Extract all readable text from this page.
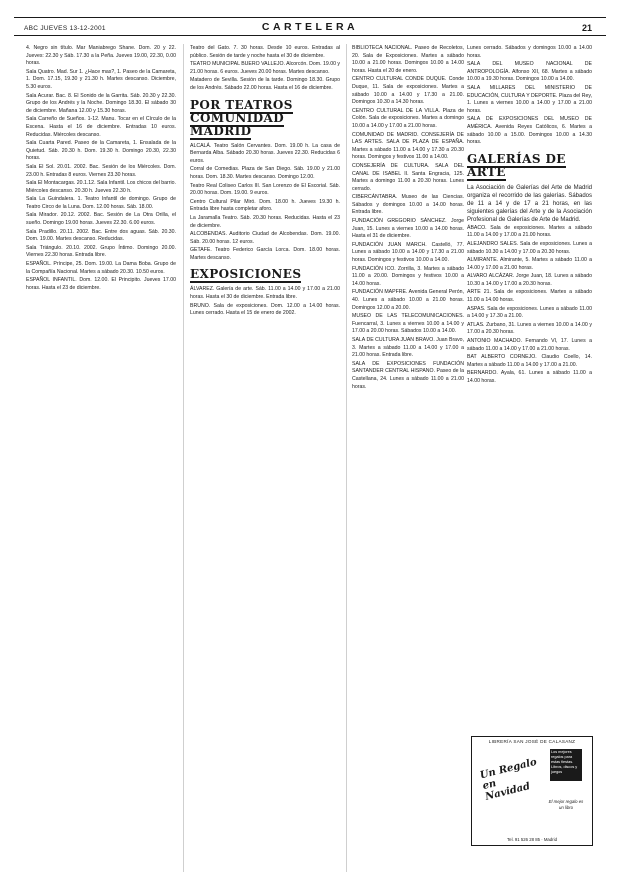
ABC JUEVES 13-12-2001	CARTELERA	21

4. Negro sin título. Mar Maniabrego Shane. Dom. 20 y 22. Jueves: 22.30 y Sáb. 17.30 a la Peña. Jueves 19.00, 22.30, 0.00 horas.

Sala Quatro. Mad. Sur 1. ¿Hace mas?, 1. Paseo de la Camareta, 1. Dom. 17.15, 19.30 y 21.30 h. Martes descanso. Diciembre, 5.30 euros.

Sala Acurar. Bac. 8. El Sonido de la Garrita. Sáb. 20.30 y 22.30. Grupo de los Andrés y la Noche. Domingo 18.30. El sábado 30 de diciembre. Mañana 12.00 y 15.30 horas.

Sala Carreño de Sueños. 1-12. Manu. Tocar en el Círculo de la Escena. Hasta el 16 de diciembre. Entradas 10 euros. Reducidas. Miércoles descanso.

Sala Cuarta Pared. Paseo de la Camareta, 1. Ensalada de la Quietud. Sáb. 20.30 h. Dom. 19.30 h. Domingo 20.30, 22.30 horas.

Sala El Sol. 20.01. 2002. Bac. Sesión de los Miércoles. Dom. 23.00 h. Entradas 8 euros. Viernes 23.30 horas.

Sala El Montacargas. 20.1.12. Sala Infantil. Los chicos del barrio. Miércoles descanso. 20.30 h. Jueves 22.30 h.

Sala La Guindalera. 1. Teatro Infantil de domingo. Grupo de Teatro Circo de la Luna. Dom. 12.00 horas. Sáb. 18.00.

Sala Mirador. 20.12. 2002. Bac. Sesión de La Otra Orilla, el sueño. Domingo 19.00 horas. Jueves 22.30. 6.00 euros.

Sala Pradillo. 20.11. 2002. Bac. Entre dos aguas. Sáb. 20.30. Dom. 19.00. Martes descanso. Reducidas.

Sala Triángulo. 20.10. 2002. Grupo Íntimo. Domingo 20.00. Viernes 22.30 horas. Entrada libre.

ESPAÑOL. Príncipe, 25. Dom. 19.00. La Dama Boba. Grupo de la Compañía Nacional. Martes a sábado 20.30. 10.50 euros.

ESPAÑOL INFANTIL. Dom. 12.00. El Principito. Jueves 17.00 horas. Hasta el 23 de diciembre.

Teatro del Gato. 7. 30 horas. Desde 10 euros. Entradas al público. Sesión de tarde y noche hasta el 30 de diciembre.

TEATRO MUNICIPAL BUERO VALLEJO. Alcorcón. Dom. 19.00 y 21.00 horas. 6 euros. Jueves 20.00 horas. Martes descanso.

Matadero de Sevilla. Sesión de la tarde. Domingo 18.30. Grupo de los Andrés. Sábado 22.00 horas. Hasta el 16 de diciembre.

POR TEATROS COMUNIDAD MADRID

ALCALÁ. Teatro Salón Cervantes. Dom. 19.00 h. La casa de Bernarda Alba. Sábado 20.30 horas. Jueves 22.30. Reducidas 6 euros.

Corral de Comedias. Plaza de San Diego. Sáb. 19.00 y 21.00 horas. Dom. 18.30. Martes descanso. Domingo 12.00.

Teatro Real Coliseo Carlos III. San Lorenzo de El Escorial. Sáb. 20.00 horas. Dom. 19.00. 9 euros.

Centro Cultural Pilar Miró. Dom. 18.00 h. Jueves 19.30 h. Entrada libre hasta completar aforo.

La Jaramalla Teatro. Sáb. 20.30 horas. Reducidas. Hasta el 23 de diciembre.

ALCOBENDAS. Auditorio Ciudad de Alcobendas. Dom. 19.00. Sáb. 20.00 horas. 12 euros.

GETAFE. Teatro Federico García Lorca. Dom. 18.00 horas. Martes descanso.

EXPOSICIONES

ÁLVAREZ. Galería de arte. Sáb. 11.00 a 14.00 y 17.00 a 21.00 horas. Hasta el 30 de diciembre. Entrada libre.

BRUNO. Sala de exposiciones. Dom. 12.00 a 14.00 horas. Lunes cerrado. Hasta el 15 de enero de 2002.

BIBLIOTECA NACIONAL. Paseo de Recoletos, 20. Sala de Exposiciones. Martes a sábado 10.00 a 21.00 horas. Domingos 10.00 a 14.00 horas. Hasta el 20 de enero.

CENTRO CULTURAL CONDE DUQUE. Conde Duque, 11. Sala de exposiciones. Martes a sábado 10.00 a 14.00 y 17.30 a 21.00. Domingos 10.30 a 14.30 horas.

CENTRO CULTURAL DE LA VILLA. Plaza de Colón. Sala de exposiciones. Martes a domingo 10.00 a 14.00 y 17.00 a 21.00 horas.

COMUNIDAD DE MADRID. CONSEJERÍA DE LAS ARTES. SALA DE PLAZA DE ESPAÑA. Martes a sábado 11.00 a 14.00 y 17.30 a 20.30 horas. Domingos y festivos 11.00 a 14.00.

CONSEJERÍA DE CULTURA. SALA DEL CANAL DE ISABEL II. Santa Engracia, 125. Martes a domingo 11.00 a 20.30 horas. Lunes cerrado.

CIBERCÁNTABRA. Museo de las Ciencias. Sábados y domingos 10.00 a 14.00 horas. Entrada libre.

FUNDACIÓN GREGORIO SÁNCHEZ. Jorge Juan, 15. Lunes a viernes 10.00 a 14.00 horas. Hasta el 31 de diciembre.

FUNDACIÓN JUAN MARCH. Castelló, 77. Lunes a sábado 10.00 a 14.00 y 17.30 a 21.00 horas. Domingos y festivos 10.00 a 14.00.

FUNDACIÓN ICO. Zorrilla, 3. Martes a sábado 11.00 a 20.00. Domingos y festivos 10.00 a 14.00 horas.

FUNDACIÓN MAPFRE. Avenida General Perón, 40. Lunes a sábado 10.00 a 21.00 horas. Domingos 12.00 a 20.00.

MUSEO DE LAS TELECOMUNICACIONES. Fuencarral, 3. Lunes a viernes 10.00 a 14.00 y 17.00 a 20.00 horas. Sábados 10.00 a 14.00.

SALA DE CULTURA JUAN BRAVO. Juan Bravo, 3. Martes a sábado 11.00 a 14.00 y 17.00 a 21.00 horas. Entrada libre.

SALA DE EXPOSICIONES FUNDACIÓN SANTANDER CENTRAL HISPANO. Paseo de la Castellana, 24. Lunes a sábado 11.00 a 21.00 horas.

Lunes cerrado. Sábados y domingos 10.00 a 14.00 horas.

SALA DEL MUSEO NACIONAL DE ANTROPOLOGÍA. Alfonso XII, 68. Martes a sábado 10.00 a 19.30 horas. Domingos 10.00 a 14.00.

SALA MILLARES DEL MINISTERIO DE EDUCACIÓN, CULTURA Y DEPORTE. Plaza del Rey, 1. Lunes a viernes 10.00 a 14.00 y 17.00 a 21.00 horas.

SALA DE EXPOSICIONES DEL MUSEO DE AMÉRICA. Avenida Reyes Católicos, 6. Martes a sábado 10.00 a 15.00. Domingos 10.00 a 14.30 horas.

GALERÍAS DE ARTE

La Asociación de Galerías del Arte de Madrid organiza el recorrido de las galerías. Sábados de 11 a 14 y de 17 a 21 horas, en las siguientes galerías del Arte y de la Asociación Profesional de Galerías de Arte de Madrid.

ÁBACO. Sala de exposiciones. Martes a sábado 11.00 a 14.00 y 17.00 a 21.00 horas.

ALEJANDRO SALES. Sala de exposiciones. Lunes a sábado 10.30 a 14.00 y 17.00 a 20.30 horas.

ALMIRANTE. Almirante, 5. Martes a sábado 11.00 a 14.00 y 17.00 a 21.00 horas.

ALVARO ALCÁZAR. Jorge Juan, 18. Lunes a sábado 10.30 a 14.00 y 17.00 a 20.30 horas.

ARTE 21. Sala de exposiciones. Martes a sábado 11.00 a 14.00 horas.

ASPAS. Sala de exposiciones. Lunes a sábado 11.00 a 14.00 y 17.30 a 21.00.

ATLAS. Zurbano, 31. Lunes a viernes 10.00 a 14.00 y 17.00 a 20.30 horas.

ANTONIO MACHADO. Fernando VI, 17. Lunes a sábado 11.00 a 14.00 y 17.00 a 21.00 horas.

BAT ALBERTO CORNEJO. Claudio Coello, 14. Martes a sábado 11.00 a 14.00 y 17.00 a 21.00.

BERNARDO. Ayala, 61. Lunes a sábado 11.00 a 14.00 horas.

LIBRERÍA SAN JOSÉ DE CALASANZ
Un Regalo en Navidad
Los mejores regalos para estas fiestas. Libros, discos y juegos
El mejor regalo es un libro
Tel. 91 526 28 85 · Madrid
